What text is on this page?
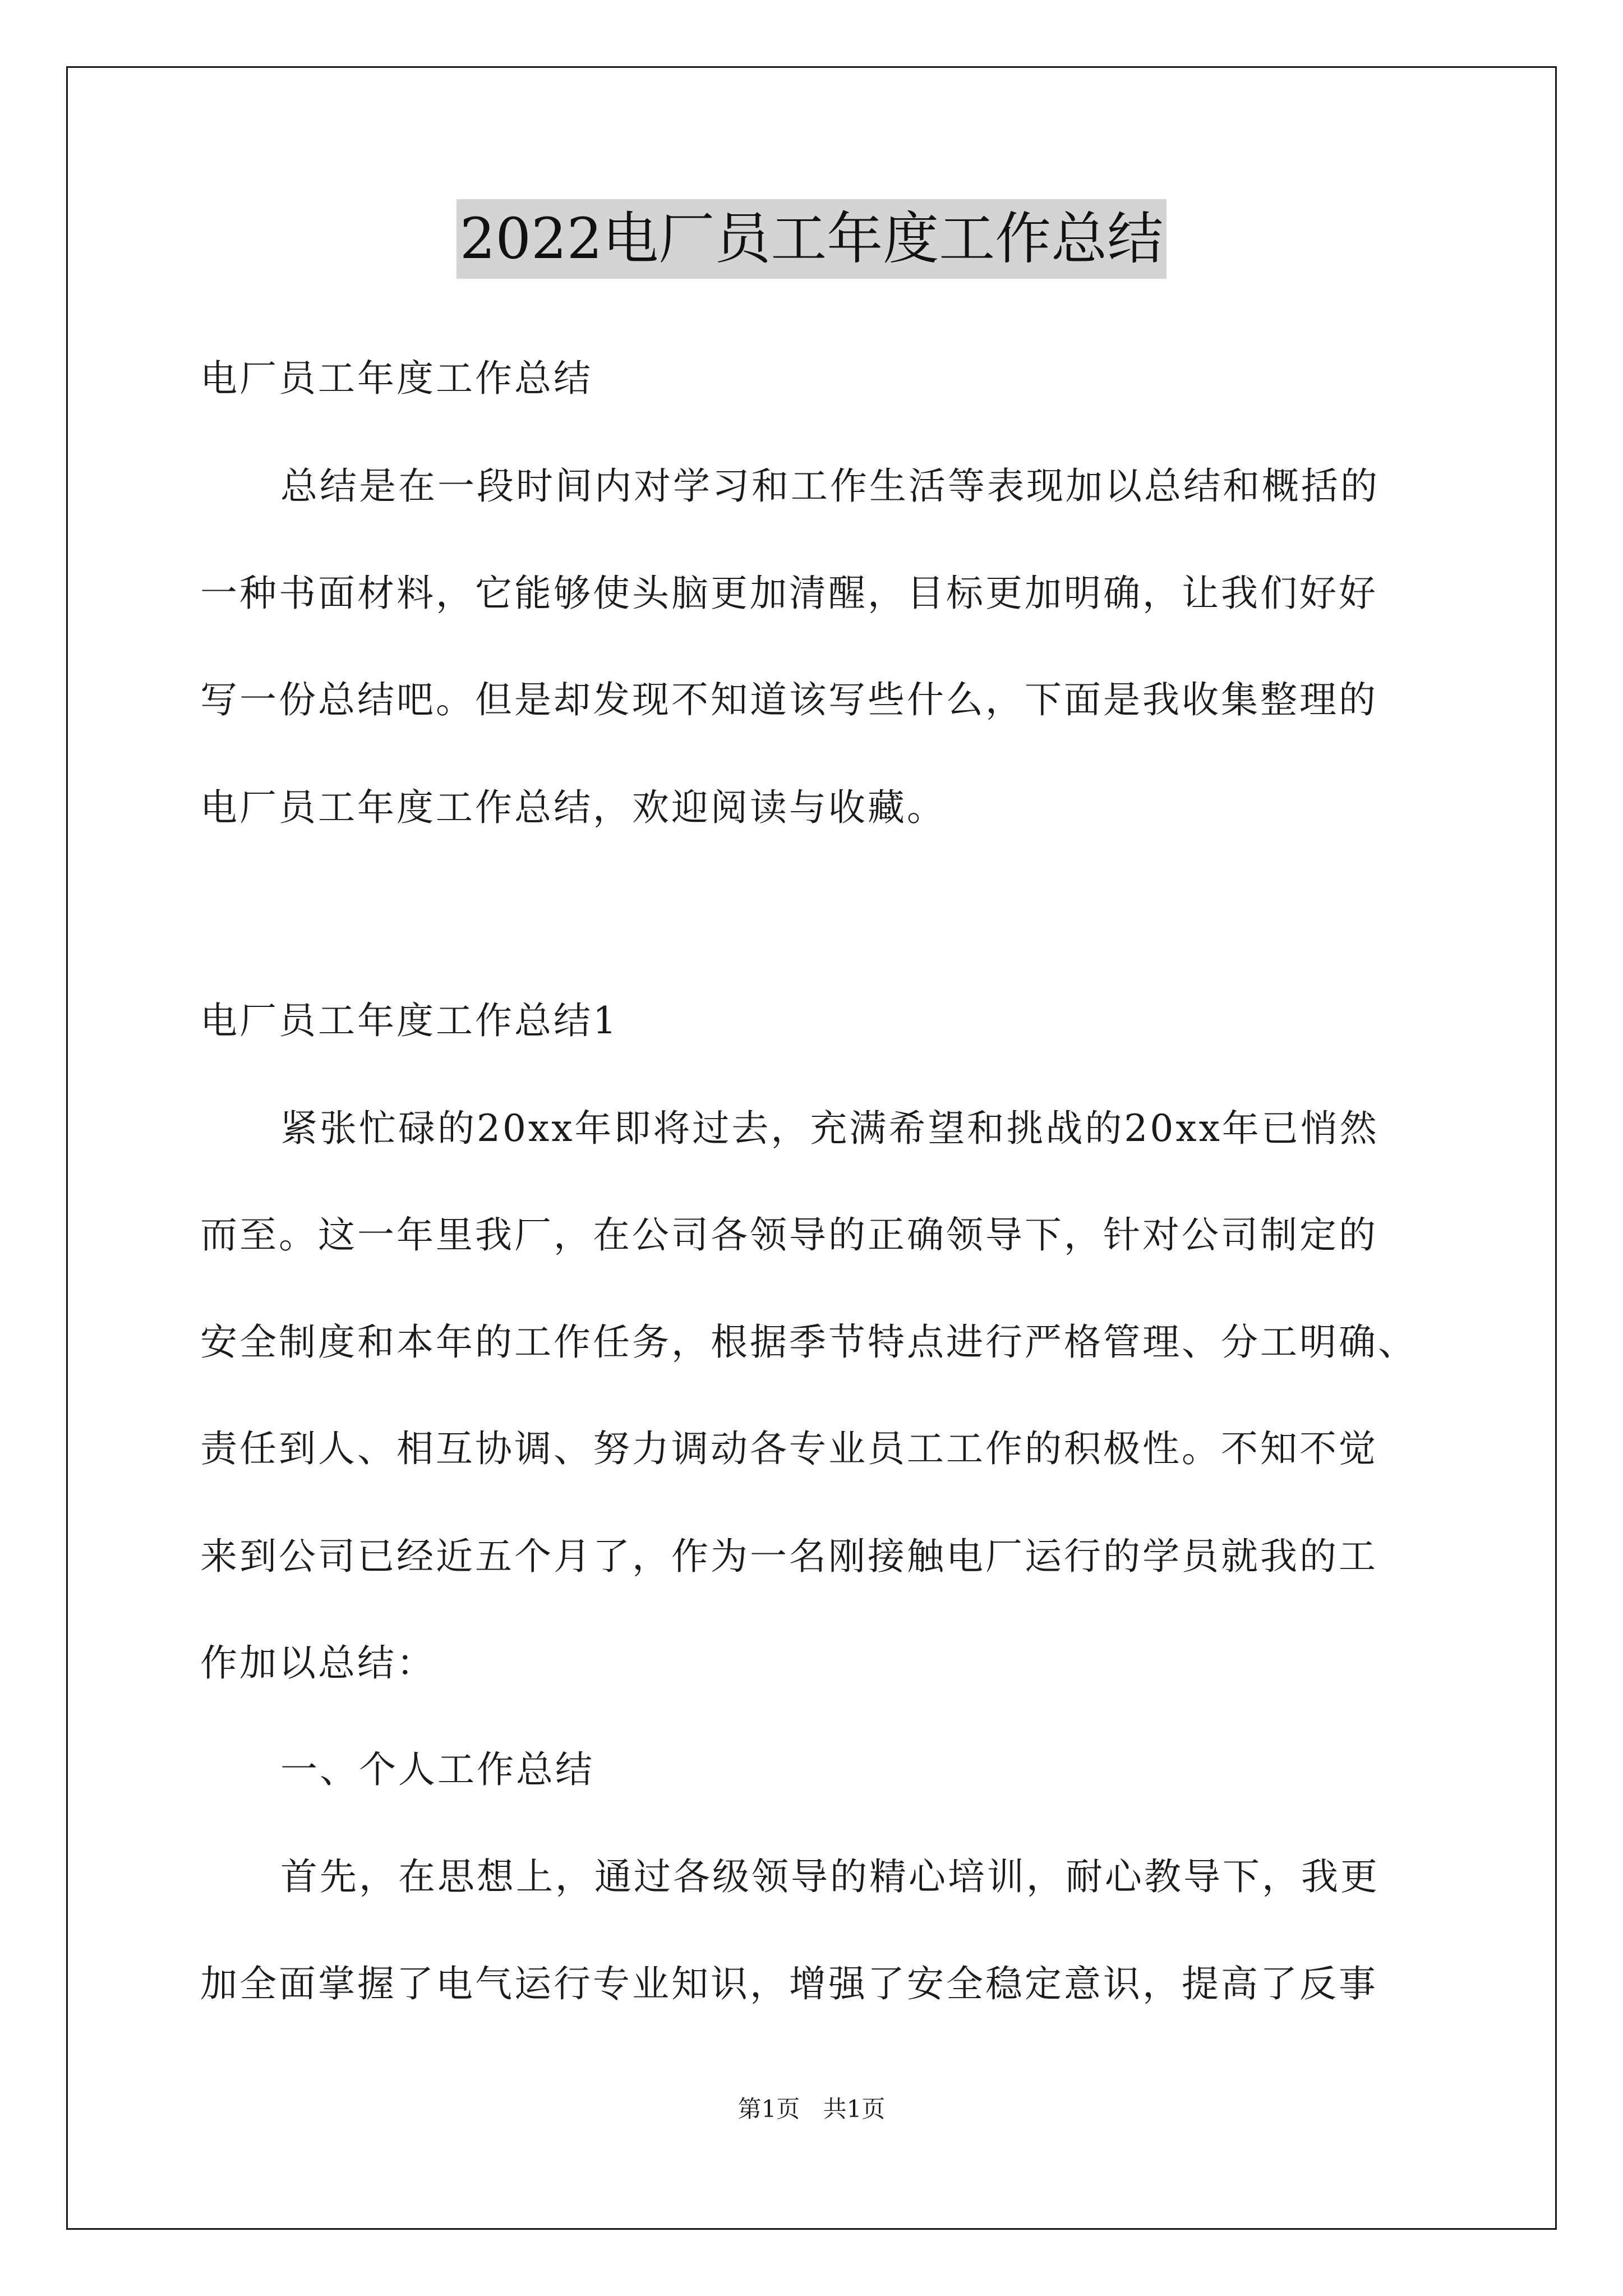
2022电厂员工年度工作总结
电厂员工年度工作总结
总结是在一段时间内对学习和工作生活等表现加以总结和概括的
一种书面材料，它能够使头脑更加清醒，目标更加明确，让我们好好
写一份总结吧。但是却发现不知道该写些什么，下面是我收集整理的
电厂员工年度工作总结，欢迎阅读与收藏。
电厂员工年度工作总结1
紧张忙碌的20xx年即将过去，充满希望和挑战的20xx年已悄然
而至。这一年里我厂，在公司各领导的正确领导下，针对公司制定的
安全制度和本年的工作任务，根据季节特点进行严格管理、分工明确、
责任到人、相互协调、努力调动各专业员工工作的积极性。不知不觉
来到公司已经近五个月了，作为一名刚接触电厂运行的学员就我的工
作加以总结：
一、个人工作总结
首先，在思想上，通过各级领导的精心培训，耐心教导下，我更
加全面掌握了电气运行专业知识，增强了安全稳定意识，提高了反事
第1页 共1页
